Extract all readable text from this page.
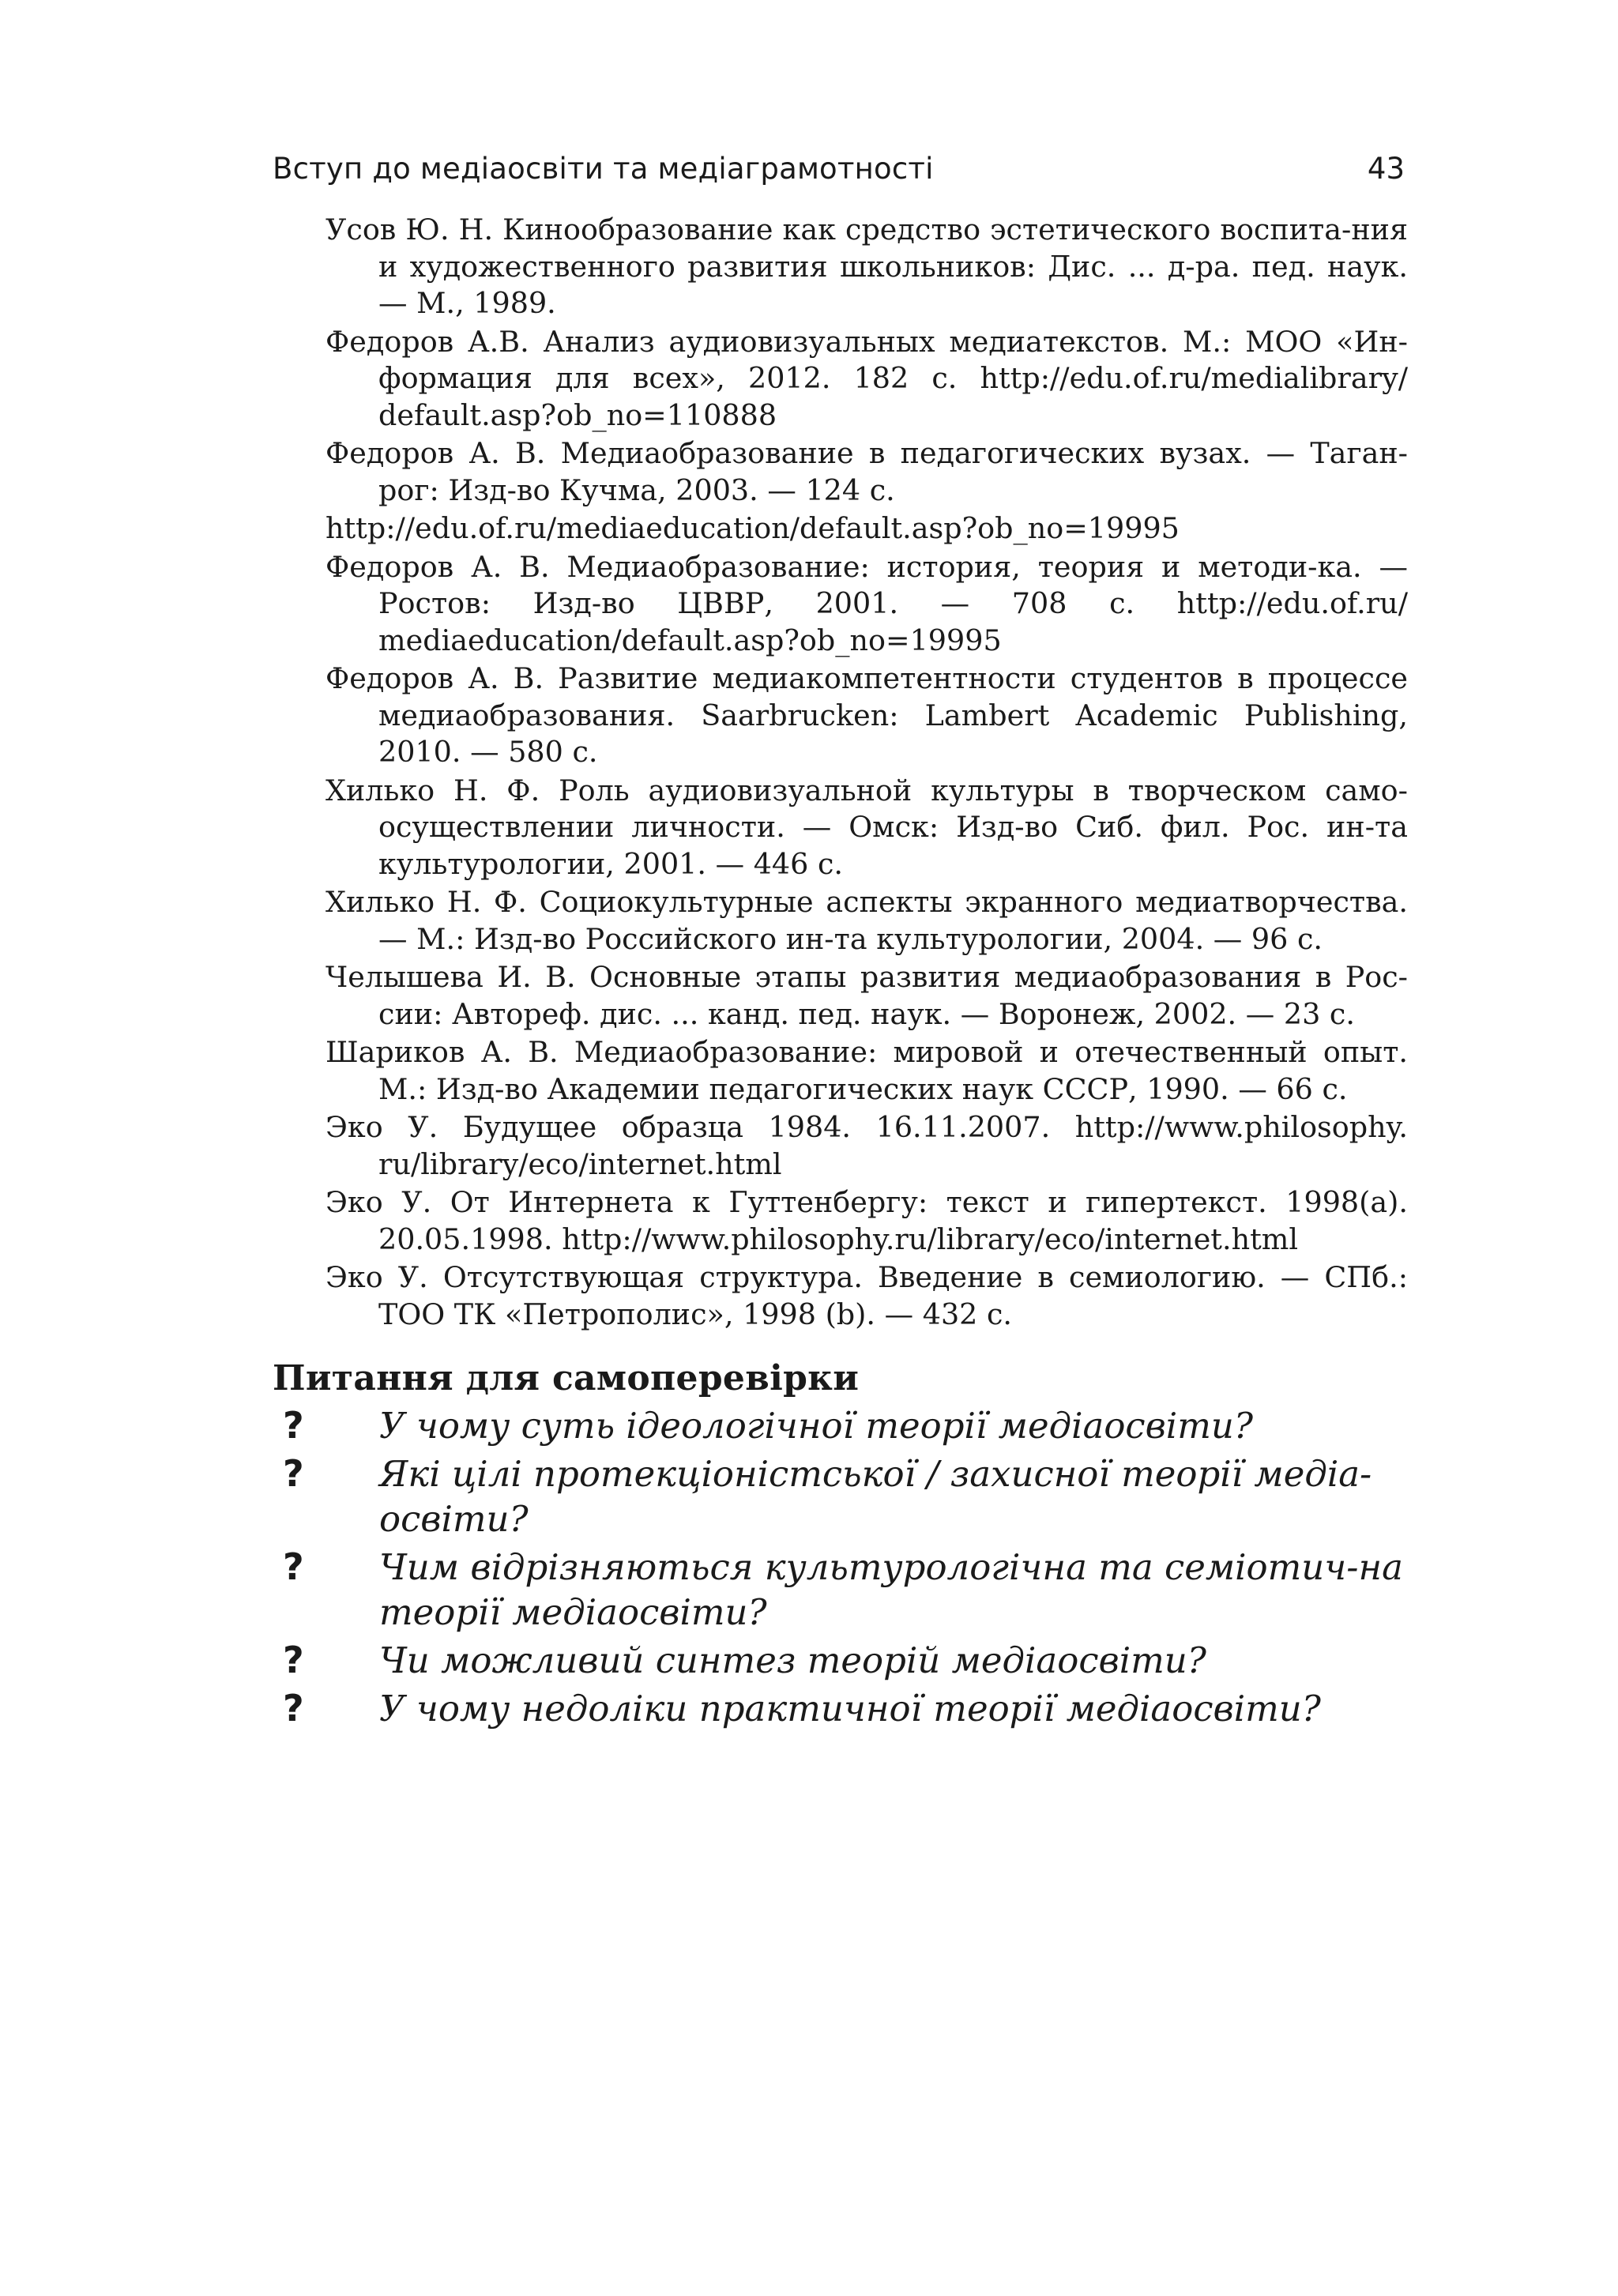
Вступ до медіаосвіти та медіаграмотності	43

Усов Ю. Н. Кинообразование как средство эстетического воспита-ния и художественного развития школьников: Дис. ... д-ра. пед. наук. — М., 1989.

Федоров А.В. Анализ аудиовизуальных медиатекстов. М.: МОО «Ин-формация для всех», 2012. 182 с. http://edu.of.ru/medialibrary/ default.asp?ob_no=110888

Федоров А. В. Медиаобразование в педагогических вузах. — Таган-рог: Изд-во Кучма, 2003. — 124 с.

http://edu.of.ru/mediaeducation/default.asp?ob_no=19995

Федоров А. В. Медиаобразование: история, теория и методи-ка. — Ростов: Изд-во ЦВВР, 2001. — 708 с. http://edu.of.ru/ mediaeducation/default.asp?ob_no=19995

Федоров А. В. Развитие медиакомпетентности студентов в процессе медиаобразования. Saarbrucken: Lambert Academic Publishing, 2010. — 580 с.

Хилько Н. Ф. Роль аудиовизуальной культуры в творческом само-осуществлении личности. — Омск: Изд-во Сиб. фил. Рос. ин-та культурологии, 2001. — 446 с.

Хилько Н. Ф. Социокультурные аспекты экранного медиатворчества. — М.: Изд-во Российского ин-та культурологии, 2004. — 96 с.

Челышева И. В. Основные этапы развития медиаобразования в Рос-сии: Автореф. дис. ... канд. пед. наук. — Воронеж, 2002. — 23 с.

Шариков А. В. Медиаобразование: мировой и отечественный опыт. М.: Изд-во Академии педагогических наук СССР, 1990. — 66 с.

Эко У. Будущее образца 1984. 16.11.2007. http://www.philosophy. ru/library/eco/internet.html

Эко У. От Интернета к Гуттенбергу: текст и гипертекст. 1998(a). 20.05.1998. http://www.philosophy.ru/library/eco/internet.html

Эко У. Отсутствующая структура. Введение в семиологию. — СПб.: ТОО ТК «Петрополис», 1998 (b). — 432 с.

Питання для самоперевірки
? У чому суть ідеологічної теорії медіаосвіти?
? Які цілі протекціоністської / захисної теорії медіа-освіти?
? Чим відрізняються культурологічна та семіотич-на теорії медіаосвіти?
? Чи можливий синтез теорій медіаосвіти?
? У чому недоліки практичної теорії медіаосвіти?
